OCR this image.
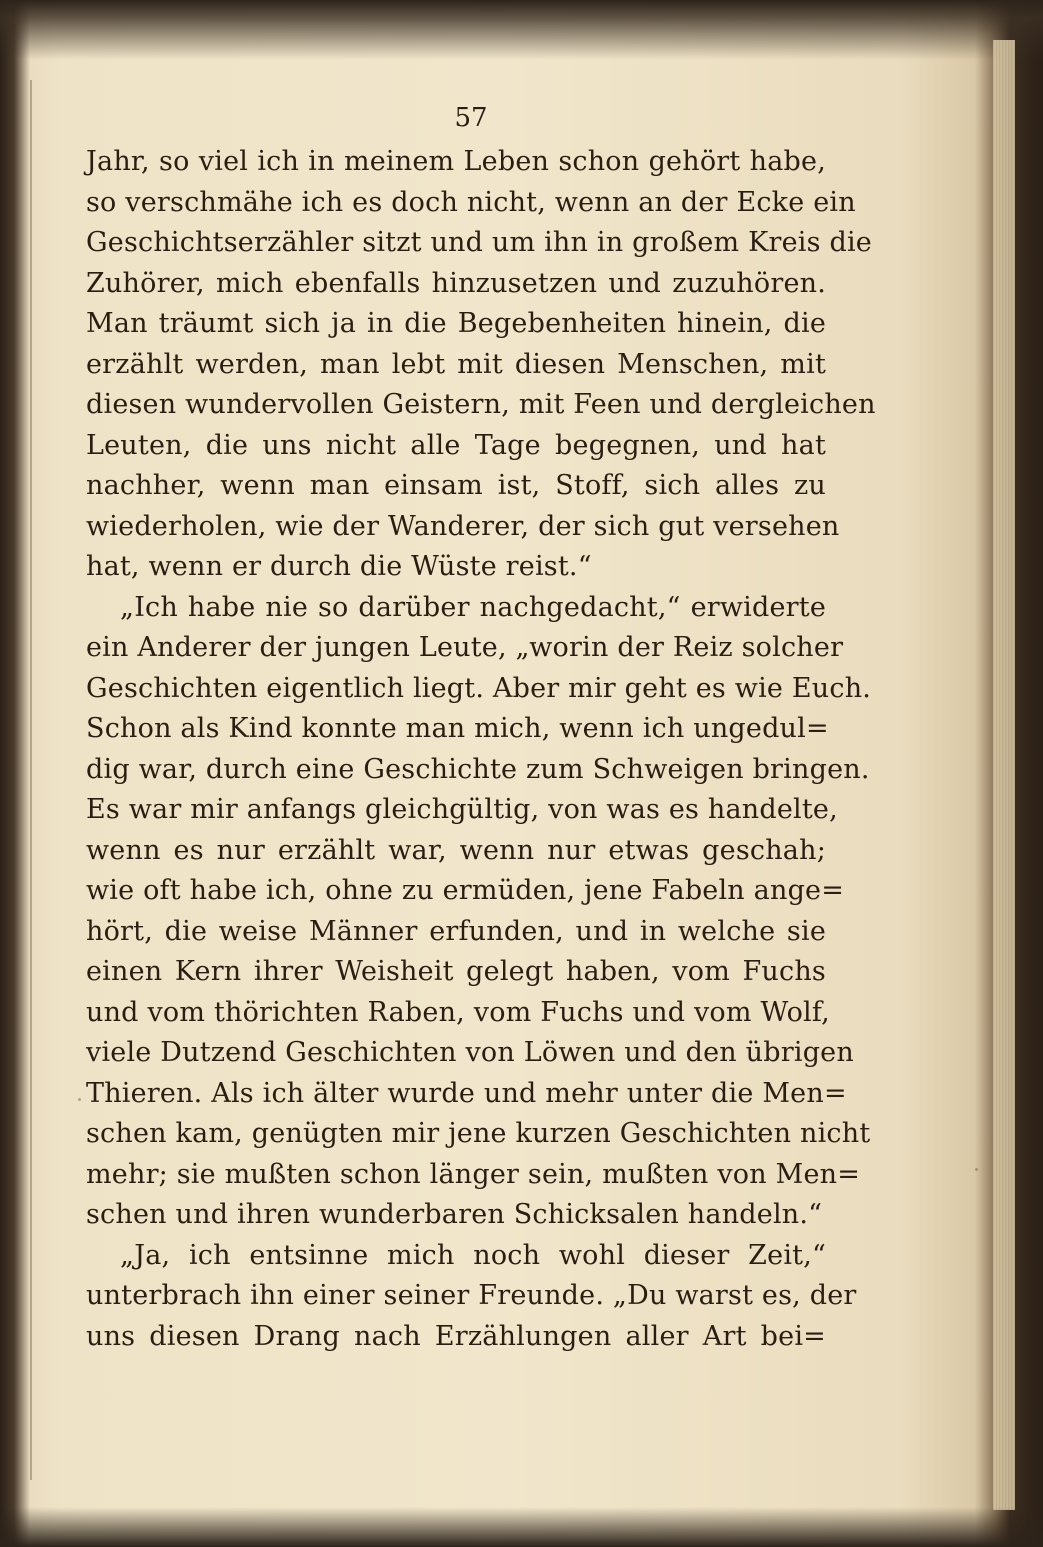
57
Jahr, so viel ich in meinem Leben schon gehört habe,
so verschmähe ich es doch nicht, wenn an der Ecke ein
Geschichtserzähler sitzt und um ihn in großem Kreis die
Zuhörer, mich ebenfalls hinzusetzen und zuzuhören.
Man träumt sich ja in die Begebenheiten hinein, die
erzählt werden, man lebt mit diesen Menschen, mit
diesen wundervollen Geistern, mit Feen und dergleichen
Leuten, die uns nicht alle Tage begegnen, und hat
nachher, wenn man einsam ist, Stoff, sich alles zu
wiederholen, wie der Wanderer, der sich gut versehen
hat, wenn er durch die Wüste reist.“
„Ich habe nie so darüber nachgedacht,“ erwiderte
ein Anderer der jungen Leute, „worin der Reiz solcher
Geschichten eigentlich liegt. Aber mir geht es wie Euch.
Schon als Kind konnte man mich, wenn ich ungedul=
dig war, durch eine Geschichte zum Schweigen bringen.
Es war mir anfangs gleichgültig, von was es handelte,
wenn es nur erzählt war, wenn nur etwas geschah;
wie oft habe ich, ohne zu ermüden, jene Fabeln ange=
hört, die weise Männer erfunden, und in welche sie
einen Kern ihrer Weisheit gelegt haben, vom Fuchs
und vom thörichten Raben, vom Fuchs und vom Wolf,
viele Dutzend Geschichten von Löwen und den übrigen
Thieren. Als ich älter wurde und mehr unter die Men=
schen kam, genügten mir jene kurzen Geschichten nicht
mehr; sie mußten schon länger sein, mußten von Men=
schen und ihren wunderbaren Schicksalen handeln.“
„Ja, ich entsinne mich noch wohl dieser Zeit,“
unterbrach ihn einer seiner Freunde. „Du warst es, der
uns diesen Drang nach Erzählungen aller Art bei=
